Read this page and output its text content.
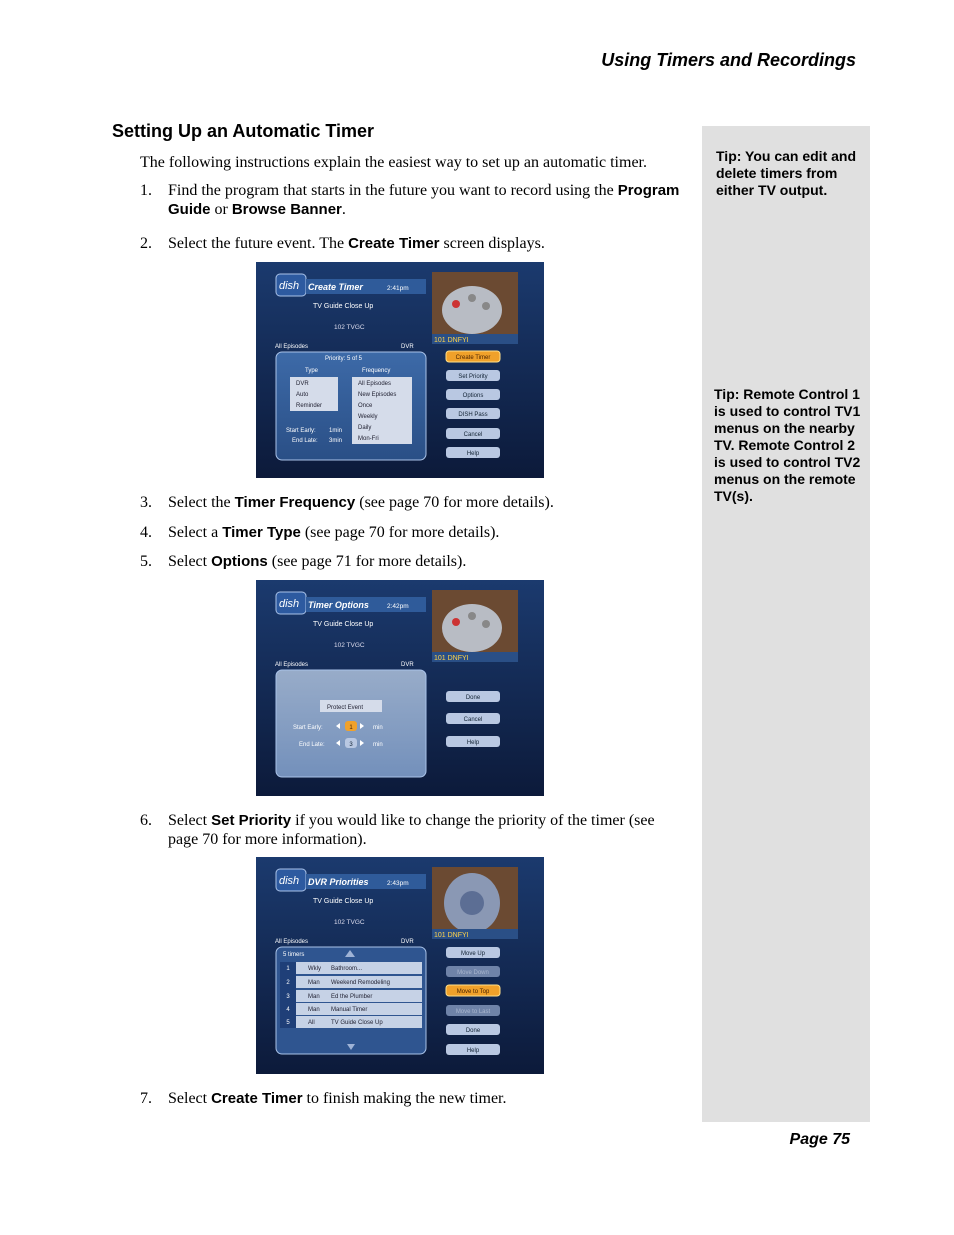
Using Timers and Recordings
Setting Up an Automatic Timer
The following instructions explain the easiest way to set up an automatic timer.
1. Find the program that starts in the future you want to record using the Program Guide or Browse Banner.
2. Select the future event. The Create Timer screen displays.
dish Create Timer	2:41pm
TV Guide Close Up
102 TVGC
101 DNFYI
All Episodes	DVR
Priority: 5 of 5
Type	Frequency
DVR
Auto
Reminder
All Episodes
New Episodes
Once
Weekly
Daily
Mon-Fri
Start Early: 1min
End Late: 3min
Create Timer
Set Priority
Options
DISH Pass
Cancel
Help
3. Select the Timer Frequency (see page 70 for more details).
4. Select a Timer Type (see page 70 for more details).
5. Select Options (see page 71 for more details).
dish Timer Options	2:42pm
TV Guide Close Up
102 TVGC
101 DNFYI
All Episodes	DVR
Protect Event
Start Early:	1	min
End Late:	3	min
Done
Cancel
Help
6. Select Set Priority if you would like to change the priority of the timer (see page 70 for more information).
dish DVR Priorities	2:43pm
TV Guide Close Up
102 TVGC
101 DNFYI
All Episodes	DVR
5 timers
1	Wkly Bathroom...
2	Man Weekend Remodeling
3	Man Ed the Plumber
4	Man Manual Timer
5	All	TV Guide Close Up
Move Up
Move Down
Move to Top
Move to Last
Done
Help
7. Select Create Timer to finish making the new timer.
Tip: You can edit and delete timers from either TV output.
Tip: Remote Control 1 is used to control TV1 menus on the nearby TV. Remote Control 2 is used to control TV2 menus on the remote TV(s).
Page 75
